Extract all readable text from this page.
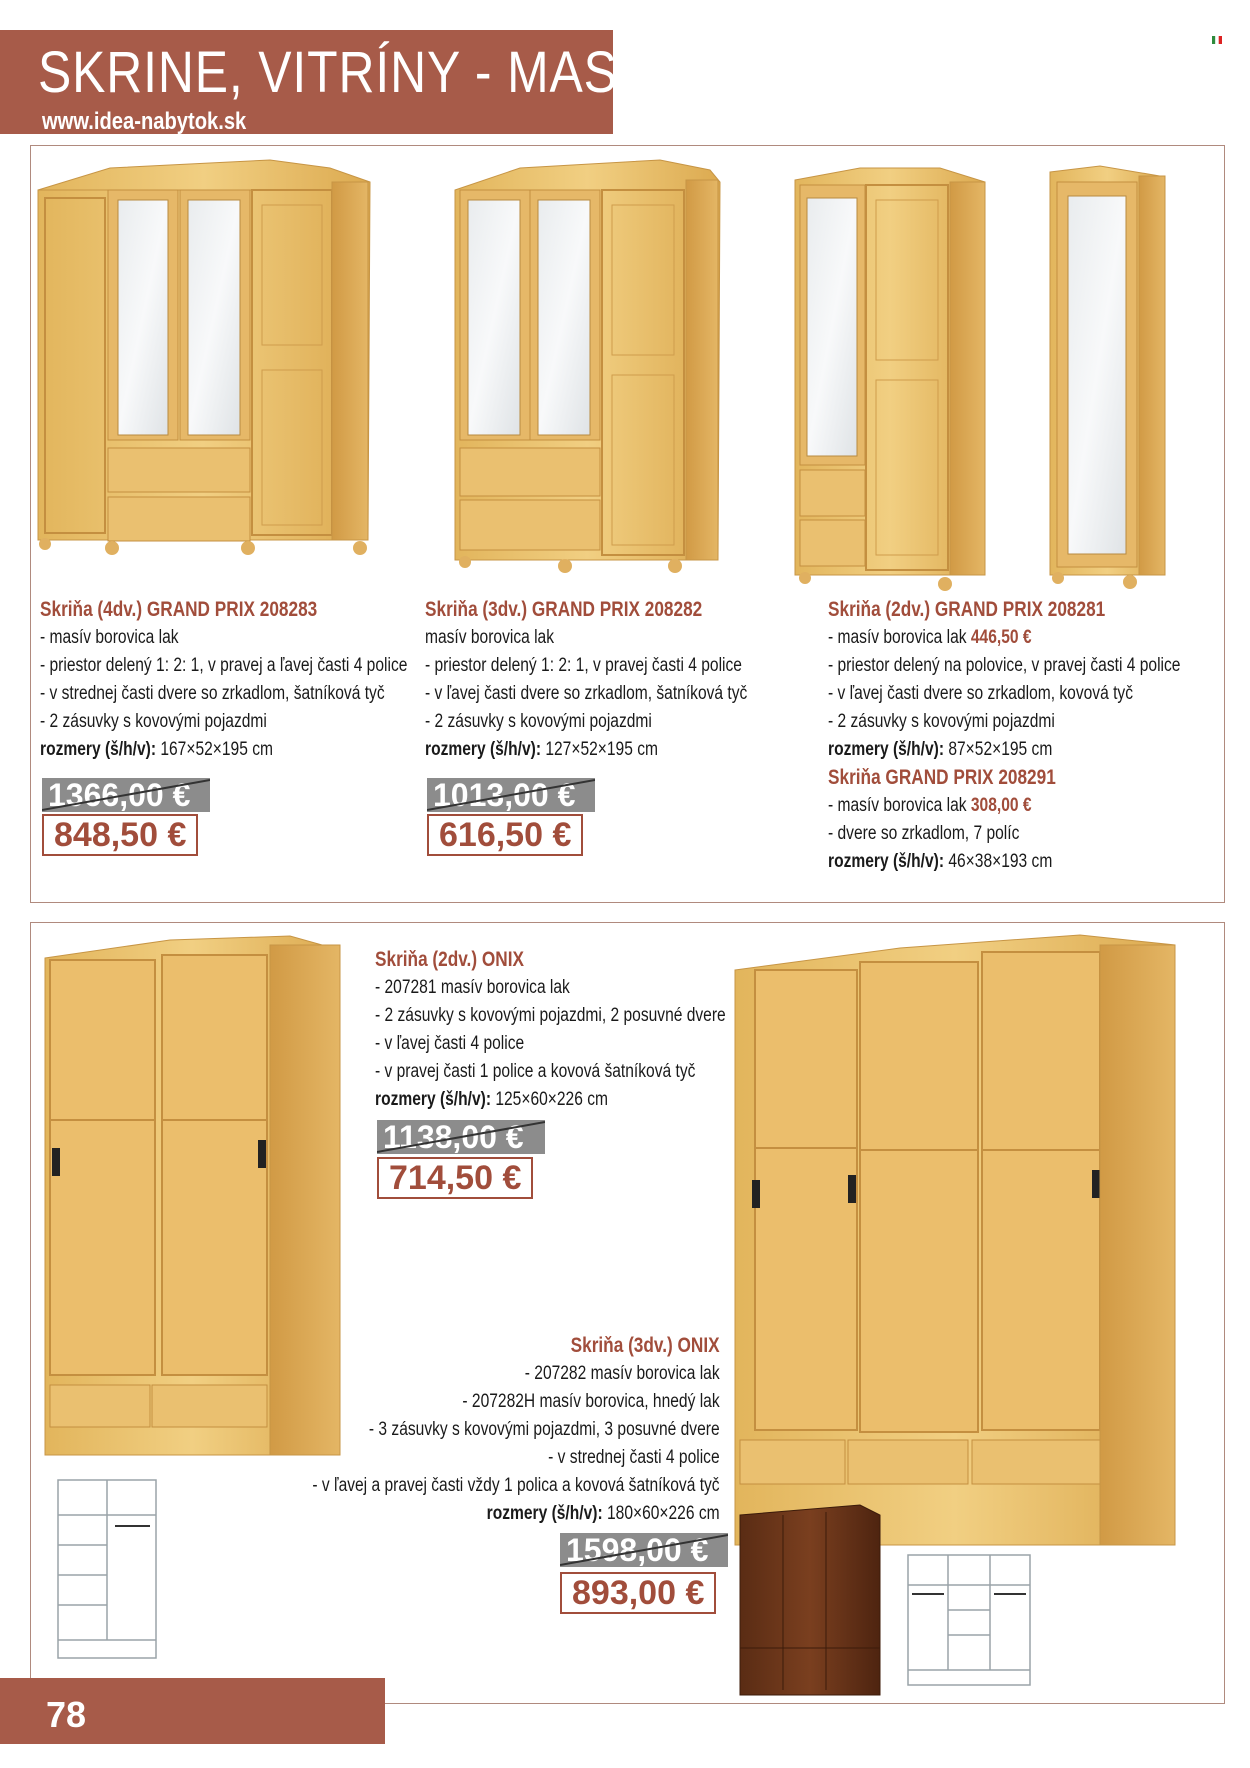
SKRINE, VITRÍNY - MASÍV
www.idea-nabytok.sk
Skriňa (4dv.) GRAND PRIX 208283
- masív borovica lak
- priestor delený 1: 2: 1, v pravej a ľavej časti 4 police
- v strednej časti dvere so zrkadlom, šatníková tyč
- 2 zásuvky s kovovými pojazdmi
rozmery (š/h/v): 167×52×195 cm
1366,00 €
848,50 €
Skriňa (3dv.) GRAND PRIX 208282
masív borovica lak
- priestor delený 1: 2: 1, v pravej časti 4 police
- v ľavej časti dvere so zrkadlom, šatníková tyč
- 2 zásuvky s kovovými pojazdmi
rozmery (š/h/v): 127×52×195 cm
1013,00 €
616,50 €
Skriňa (2dv.) GRAND PRIX 208281
- masív borovica lak 446,50 €
- priestor delený na polovice, v pravej časti 4 police
- v ľavej časti dvere so zrkadlom, kovová tyč
- 2 zásuvky s kovovými pojazdmi
rozmery (š/h/v): 87×52×195 cm
Skriňa GRAND PRIX 208291
- masív borovica lak 308,00 €
- dvere so zrkadlom, 7 políc
rozmery (š/h/v): 46×38×193 cm
Skriňa (2dv.) ONIX
- 207281 masív borovica lak
- 2 zásuvky s kovovými pojazdmi, 2 posuvné dvere
- v ľavej časti 4 police
- v pravej časti 1 police a kovová šatníková tyč
rozmery (š/h/v): 125×60×226 cm
1138,00 €
714,50 €
Skriňa (3dv.) ONIX
- 207282 masív borovica lak
- 207282H masív borovica, hnedý lak
- 3 zásuvky s kovovými pojazdmi, 3 posuvné dvere
- v strednej časti 4 police
- v ľavej a pravej časti vždy 1 polica a kovová šatníková tyč
rozmery (š/h/v): 180×60×226 cm
1598,00 €
893,00 €
78
